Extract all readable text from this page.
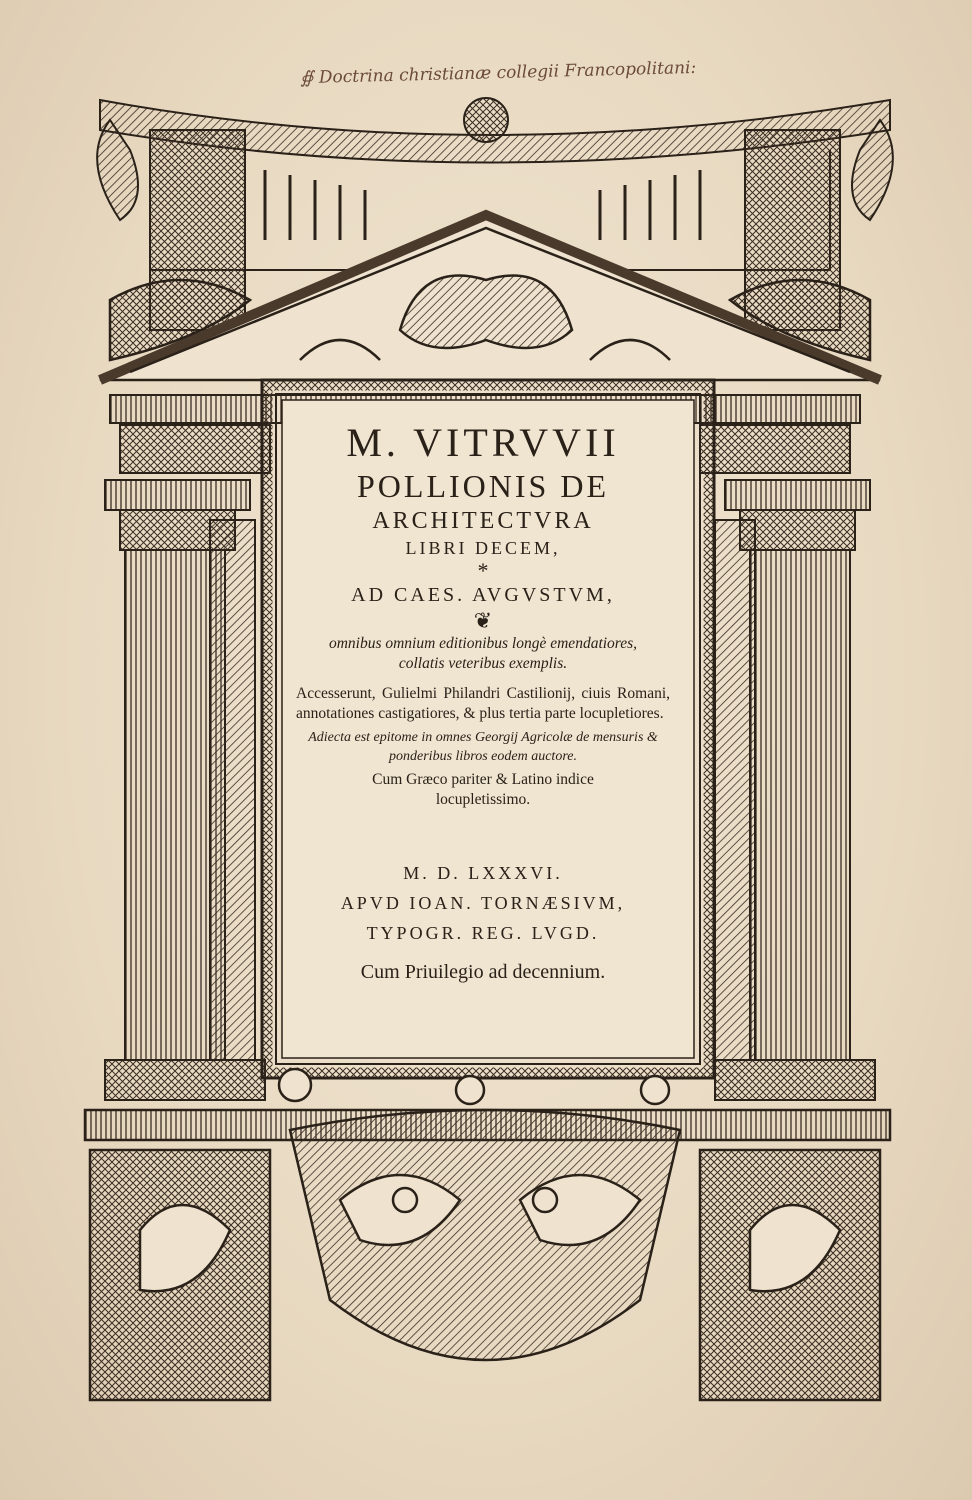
∯ Doctrina christianæ collegii Francopolitani:
M. VITRVVII
POLLIONIS DE
ARCHITECTVRA
LIBRI DECEM,
*
AD CAES. AVGVSTVM,
❦
omnibus omnium editionibus longè emendatiores,
collatis veteribus exemplis.
Accesserunt, Gulielmi Philandri Castilionij, ciuis Romani, annotationes castigatiores, & plus tertia parte locupletiores.
Adiecta est epitome in omnes Georgij Agricolæ de mensuris & ponderibus libros eodem auctore.
Cum Græco pariter & Latino indice
locupletissimo.
M. D. LXXXVI.
APVD IOAN. TORNÆSIVM,
TYPOGR. REG. LVGD.
Cum Priuilegio ad decennium.
